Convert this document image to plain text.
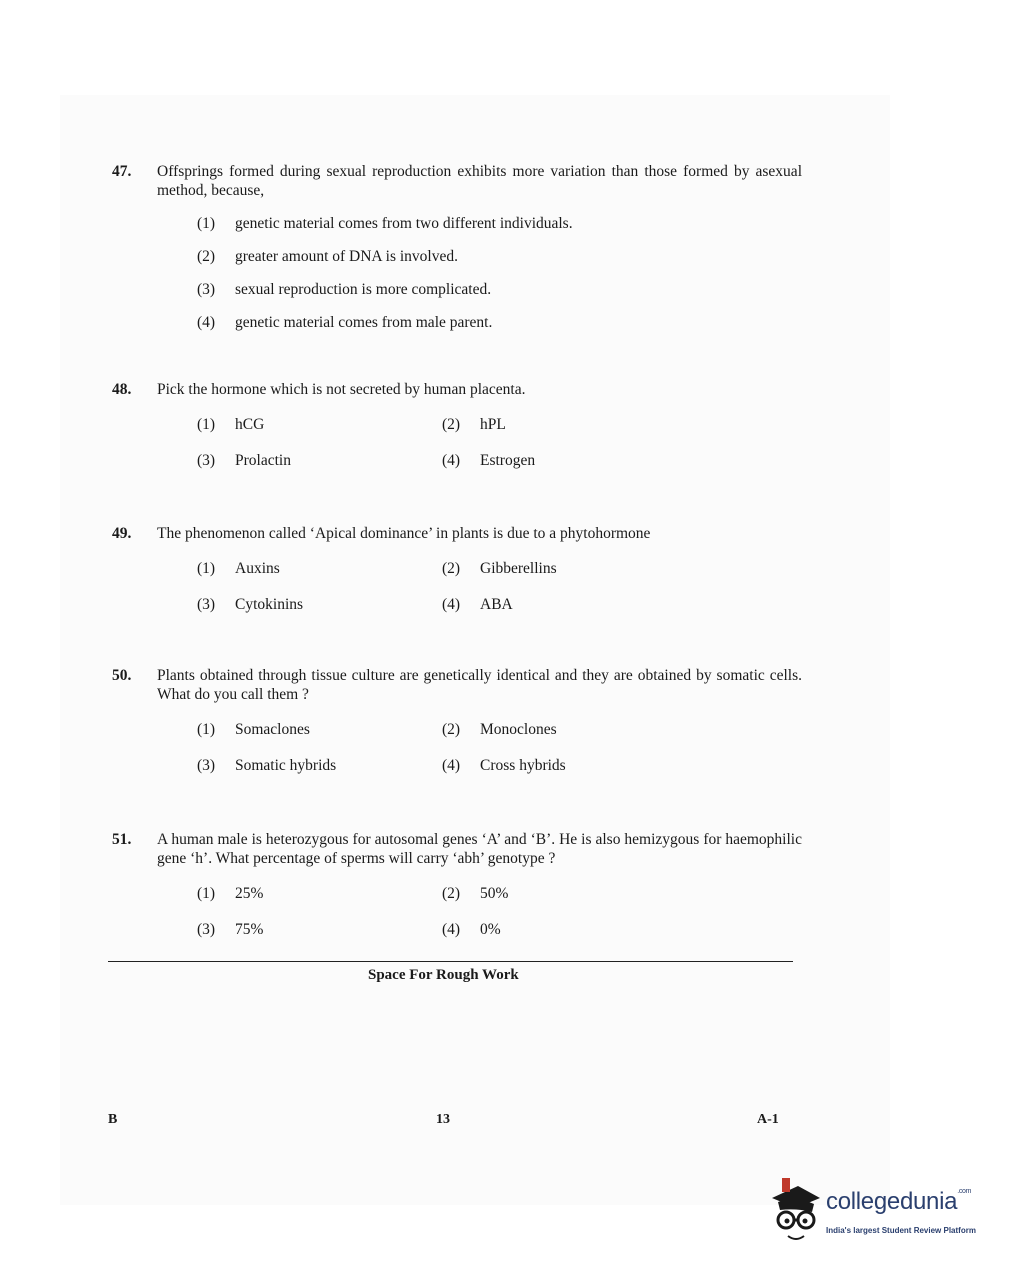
47.	Offsprings formed during sexual reproduction exhibits more variation than those formed by asexual method, because,
(1)	genetic material comes from two different individuals.
(2)	greater amount of DNA is involved.
(3)	sexual reproduction is more complicated.
(4)	genetic material comes from male parent.
48.	Pick the hormone which is not secreted by human placenta.
(1)	hCG	(2)	hPL
(3)	Prolactin	(4)	Estrogen
49.	The phenomenon called ‘Apical dominance’ in plants is due to a phytohormone
(1)	Auxins	(2)	Gibberellins
(3)	Cytokinins	(4)	ABA
50.	Plants obtained through tissue culture are genetically identical and they are obtained by somatic cells. What do you call them ?
(1)	Somaclones	(2)	Monoclones
(3)	Somatic hybrids	(4)	Cross hybrids
51.	A human male is heterozygous for autosomal genes ‘A’ and ‘B’. He is also hemizygous for haemophilic gene ‘h’. What percentage of sperms will carry ‘abh’ genotype ?
(1)	25%	(2)	50%
(3)	75%	(4)	0%
Space For Rough Work
B	13	A-1
collegedunia$^{.com}$
India's largest Student Review Platform
